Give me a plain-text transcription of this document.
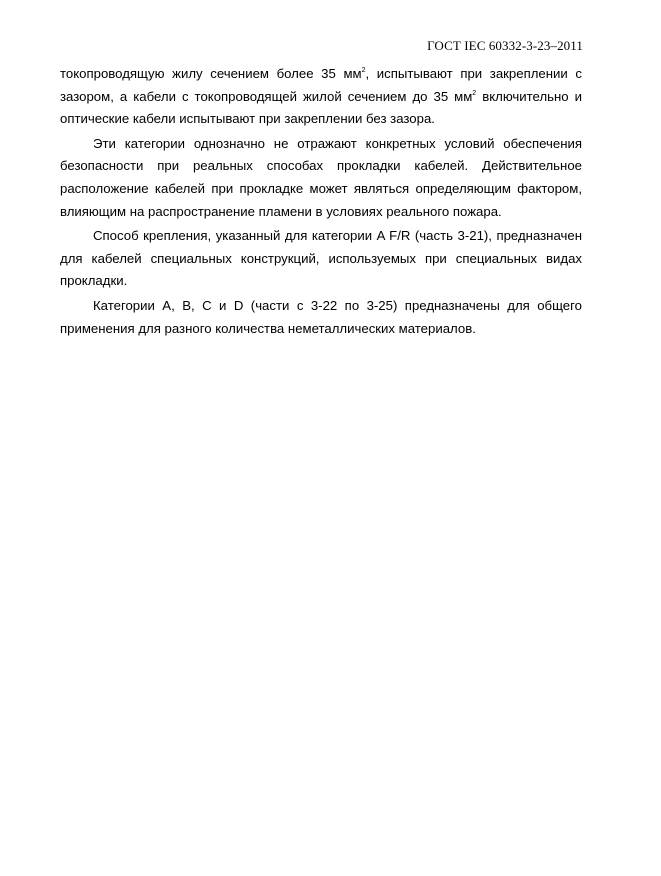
ГОСТ IEC 60332-3-23–2011

токопроводящую жилу сечением более 35 $мм^2$, испытывают при закреплении с зазором, а кабели с токопроводящей жилой сечением до 35 $мм^2$ включительно и оптические кабели испытывают при закреплении без зазора.

Эти категории однозначно не отражают конкретных условий обеспечения безопасности при реальных способах прокладки кабелей. Действительное расположение кабелей при прокладке может являться определяющим фактором, влияющим на распространение пламени в условиях реального пожара.

Способ крепления, указанный для категории A F/R (часть 3-21), предназначен для кабелей специальных конструкций, используемых при специальных видах прокладки.

Категории A, B, C и D (части с 3-22 по 3-25) предназначены для общего применения для разного количества неметаллических материалов.
